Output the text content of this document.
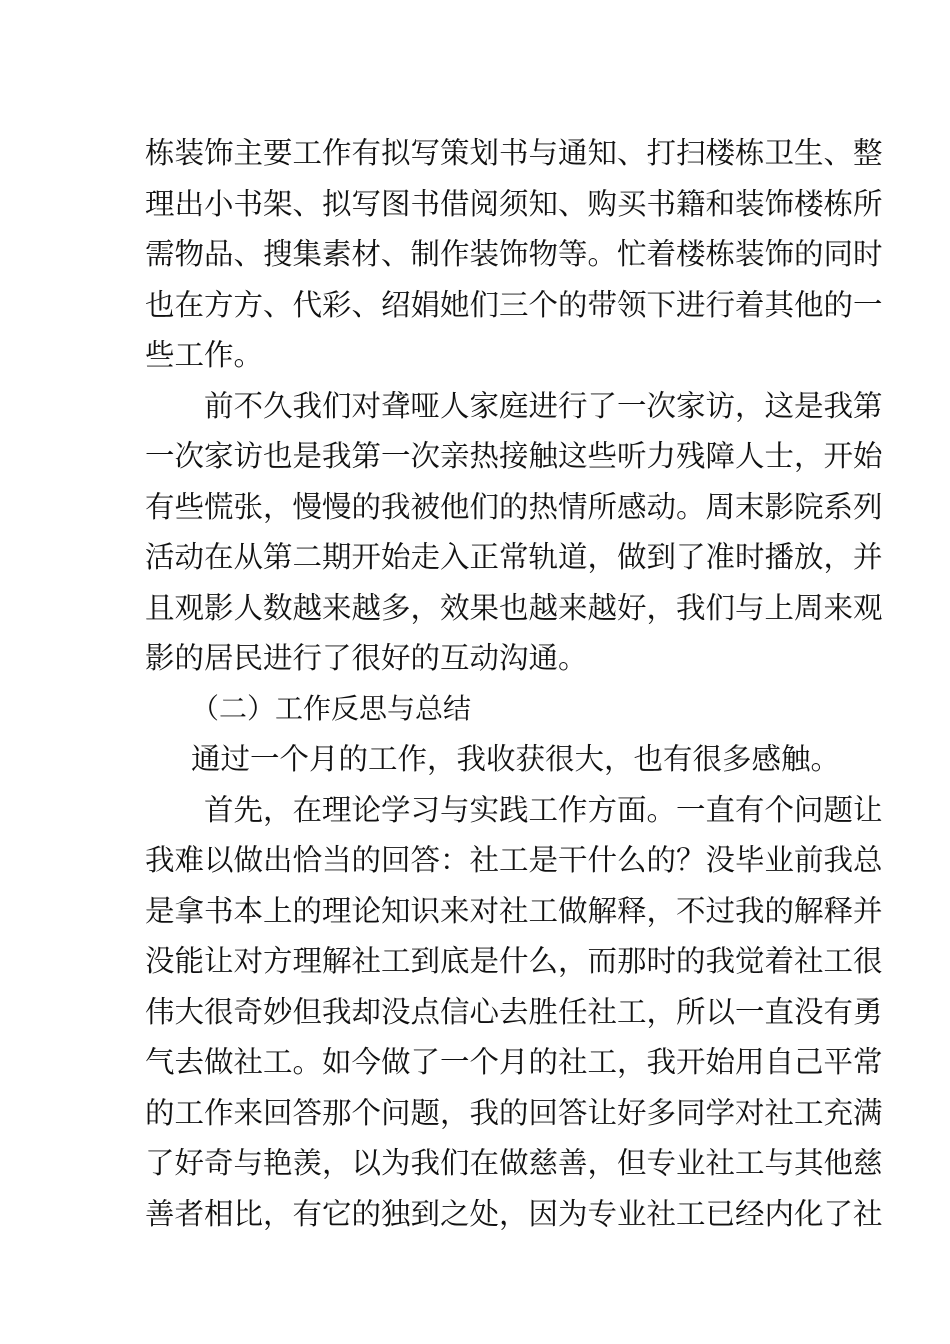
栋装饰主要工作有拟写策划书与通知、打扫楼栋卫生、整
理出小书架、拟写图书借阅须知、购买书籍和装饰楼栋所
需物品、搜集素材、制作装饰物等。忙着楼栋装饰的同时
也在方方、代彩、绍娟她们三个的带领下进行着其他的一
些工作。
前不久我们对聋哑人家庭进行了一次家访，这是我第
一次家访也是我第一次亲热接触这些听力残障人士，开始
有些慌张，慢慢的我被他们的热情所感动。周末影院系列
活动在从第二期开始走入正常轨道，做到了准时播放，并
且观影人数越来越多，效果也越来越好，我们与上周来观
影的居民进行了很好的互动沟通。
（二）工作反思与总结
通过一个月的工作，我收获很大，也有很多感触。
首先，在理论学习与实践工作方面。一直有个问题让
我难以做出恰当的回答：社工是干什么的？没毕业前我总
是拿书本上的理论知识来对社工做解释，不过我的解释并
没能让对方理解社工到底是什么，而那时的我觉着社工很
伟大很奇妙但我却没点信心去胜任社工，所以一直没有勇
气去做社工。如今做了一个月的社工，我开始用自己平常
的工作来回答那个问题，我的回答让好多同学对社工充满
了好奇与艳羡，以为我们在做慈善，但专业社工与其他慈
善者相比，有它的独到之处，因为专业社工已经内化了社
